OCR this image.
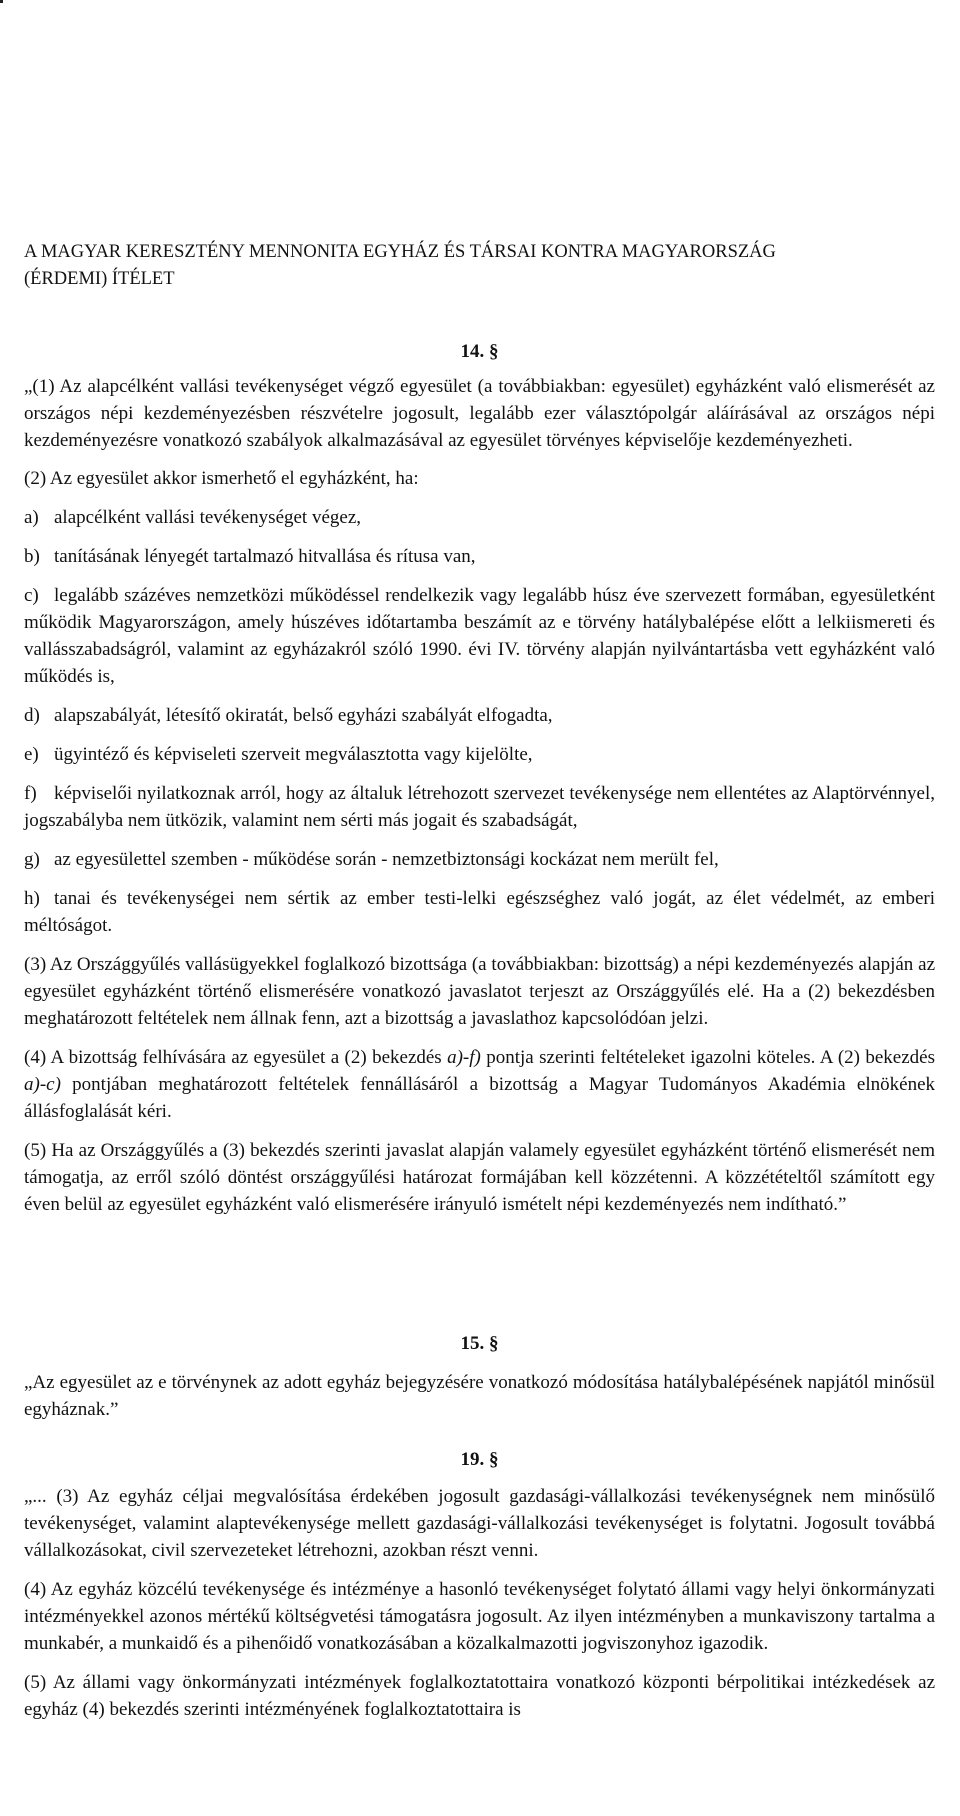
A MAGYAR KERESZTÉNY MENNONITA EGYHÁZ ÉS TÁRSAI KONTRA MAGYARORSZÁG
(ÉRDEMI) ÍTÉLET
14. §

„(1) Az alapcélként vallási tevékenységet végző egyesület (a továbbiakban: egyesület) egyházként való elismerését az országos népi kezdeményezésben részvételre jogosult, legalább ezer választópolgár aláírásával az országos népi kezdeményezésre vonatkozó szabályok alkalmazásával az egyesület törvényes képviselője kezdeményezheti.

(2) Az egyesület akkor ismerhető el egyházként, ha:

a) alapcélként vallási tevékenységet végez,

b) tanításának lényegét tartalmazó hitvallása és rítusa van,

c) legalább százéves nemzetközi működéssel rendelkezik vagy legalább húsz éve szervezett formában, egyesületként működik Magyarországon, amely húszéves időtartamba beszámít az e törvény hatálybalépése előtt a lelkiismereti és vallásszabadságról, valamint az egyházakról szóló 1990. évi IV. törvény alapján nyilvántartásba vett egyházként való működés is,

d) alapszabályát, létesítő okiratát, belső egyházi szabályát elfogadta,

e) ügyintéző és képviseleti szerveit megválasztotta vagy kijelölte,

f) képviselői nyilatkoznak arról, hogy az általuk létrehozott szervezet tevékenysége nem ellentétes az Alaptörvénnyel, jogszabályba nem ütközik, valamint nem sérti más jogait és szabadságát,

g) az egyesülettel szemben - működése során - nemzetbiztonsági kockázat nem merült fel,

h) tanai és tevékenységei nem sértik az ember testi-lelki egészséghez való jogát, az élet védelmét, az emberi méltóságot.

(3) Az Országgyűlés vallásügyekkel foglalkozó bizottsága (a továbbiakban: bizottság) a népi kezdeményezés alapján az egyesület egyházként történő elismerésére vonatkozó javaslatot terjeszt az Országgyűlés elé. Ha a (2) bekezdésben meghatározott feltételek nem állnak fenn, azt a bizottság a javaslathoz kapcsolódóan jelzi.

(4) A bizottság felhívására az egyesület a (2) bekezdés a)-f) pontja szerinti feltételeket igazolni köteles. A (2) bekezdés a)-c) pontjában meghatározott feltételek fennállásáról a bizottság a Magyar Tudományos Akadémia elnökének állásfoglalását kéri.

(5) Ha az Országgyűlés a (3) bekezdés szerinti javaslat alapján valamely egyesület egyházként történő elismerését nem támogatja, az erről szóló döntést országgyűlési határozat formájában kell közzétenni. A közzétételtől számított egy éven belül az egyesület egyházként való elismerésére irányuló ismételt népi kezdeményezés nem indítható.”

15. §

„Az egyesület az e törvénynek az adott egyház bejegyzésére vonatkozó módosítása hatálybalépésének napjától minősül egyháznak.”

19. §

„... (3) Az egyház céljai megvalósítása érdekében jogosult gazdasági-vállalkozási tevékenységnek nem minősülő tevékenységet, valamint alaptevékenysége mellett gazdasági-vállalkozási tevékenységet is folytatni. Jogosult továbbá vállalkozásokat, civil szervezeteket létrehozni, azokban részt venni.

(4) Az egyház közcélú tevékenysége és intézménye a hasonló tevékenységet folytató állami vagy helyi önkormányzati intézményekkel azonos mértékű költségvetési támogatásra jogosult. Az ilyen intézményben a munkaviszony tartalma a munkabér, a munkaidő és a pihenőidő vonatkozásában a közalkalmazotti jogviszonyhoz igazodik.

(5) Az állami vagy önkormányzati intézmények foglalkoztatottaira vonatkozó központi bérpolitikai intézkedések az egyház (4) bekezdés szerinti intézményének foglalkoztatottaira is
